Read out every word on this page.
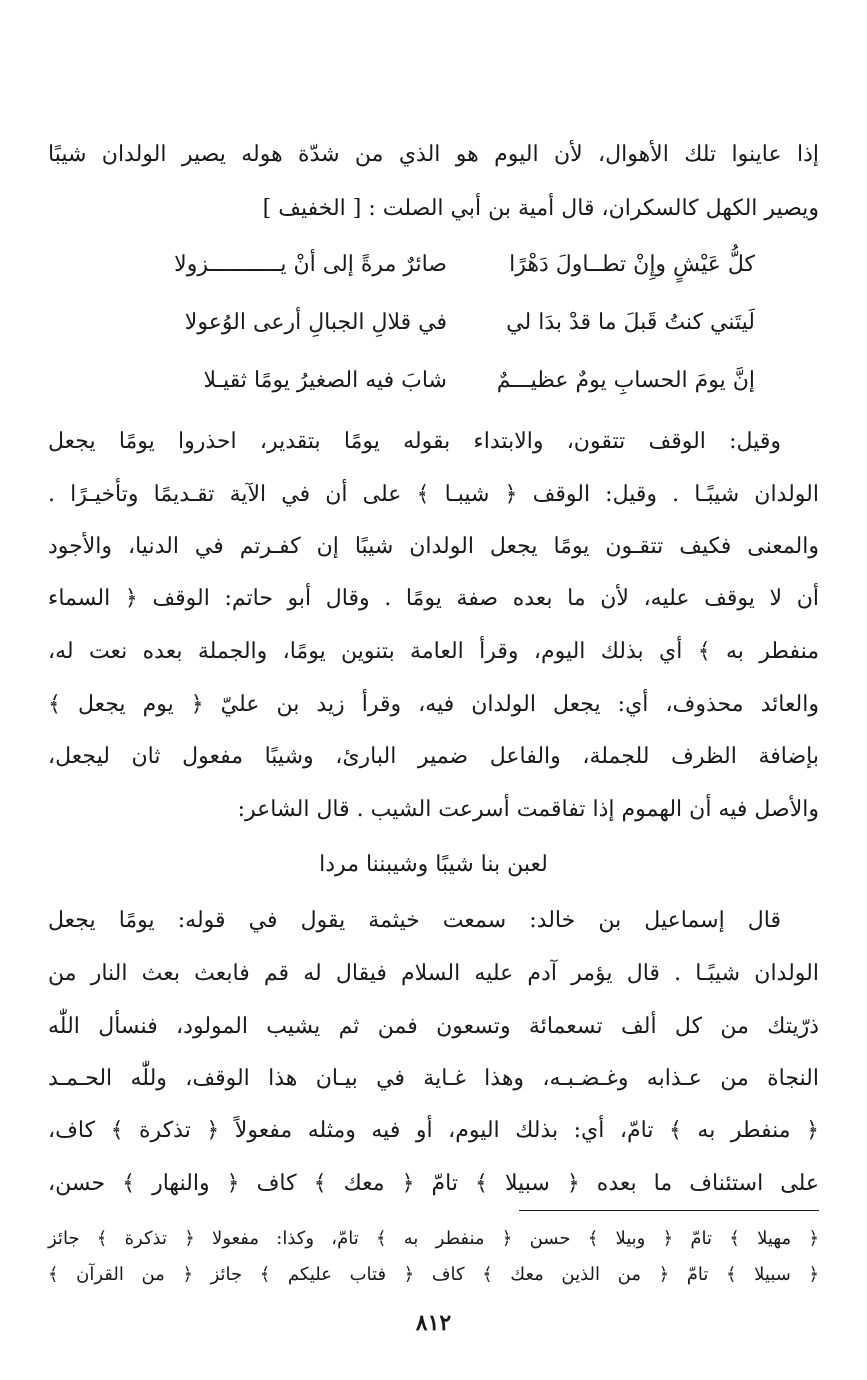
إذا عاينوا تلك الأهوال، لأن اليوم هو الذي من شدّة هوله يصير الولدان شيبًا
ويصير الكهل كالسكران، قال أمية بن أبي الصلت : [ الخفيف ]
كلُّ عَيْشٍ وإِنْ تطــاولَ دَهْرًا
صائرٌ مرةً إلى أنْ يـــــــــــزولا
لَيتَني كنتُ قَبلَ ما قدْ بدَا لي
في قلالِ الجبالِ أرعى الوُعولا
إنَّ يومَ الحسابِ يومٌ عظيـــمٌ
شابَ فيه الصغيرُ يومًا ثقيـلا
وقيل: الوقف تتقون، والابتداء بقوله يومًا بتقدير، احذروا يومًا يجعل
الولدان شيبًـا . وقيل: الوقف ﴿ شيبـا ﴾ على أن في الآية تقـديمًا وتأخيـرًا .
والمعنى فكيف تتقـون يومًا يجعل الولدان شيبًا إن كفـرتم في الدنيا، والأجود
أن لا يوقف عليه، لأن ما بعده صفة يومًا . وقال أبو حاتم: الوقف ﴿ السماء
منفطر به ﴾ أي بذلك اليوم، وقرأ العامة بتنوين يومًا، والجملة بعده نعت له،
والعائد محذوف، أي: يجعل الولدان فيه، وقرأ زيد بن عليّ ﴿ يوم يجعل ﴾
بإضافة الظرف للجملة، والفاعل ضمير البارئ، وشيبًا مفعول ثان ليجعل،
والأصل فيه أن الهموم إذا تفاقمت أسرعت الشيب . قال الشاعر:
لعبن بنا شيبًا وشيبننا مردا
قال إسماعيل بن خالد: سمعت خيثمة يقول في قوله: يومًا يجعل
الولدان شيبًـا . قال يؤمر آدم عليه السلام فيقال له قم فابعث بعث النار من
ذرّيتك من كل ألف تسعمائة وتسعون فمن ثم يشيب المولود، فنسأل اللّٰه
النجاة من عـذابه وغـضـبـه، وهذا غـاية في بيـان هذا الوقف، وللّٰه الحـمـد
﴿ منفطر به ﴾ تامّ، أي: بذلك اليوم، أو فيه ومثله مفعولاً ﴿ تذكرة ﴾ كاف،
على استئناف ما بعده ﴿ سبيلا ﴾ تامّ ﴿ معك ﴾ كاف ﴿ والنهار ﴾ حسن،
﴿ مهيلا ﴾ تامّ ﴿ وبيلا ﴾ حسن ﴿ منفطر به ﴾ تامّ، وكذا: مفعولا ﴿ تذكرة ﴾ جائز
﴿ سبيلا ﴾ تامّ ﴿ من الذين معك ﴾ كاف ﴿ فتاب عليكم ﴾ جائز ﴿ من القرآن ﴾
٨١٢
